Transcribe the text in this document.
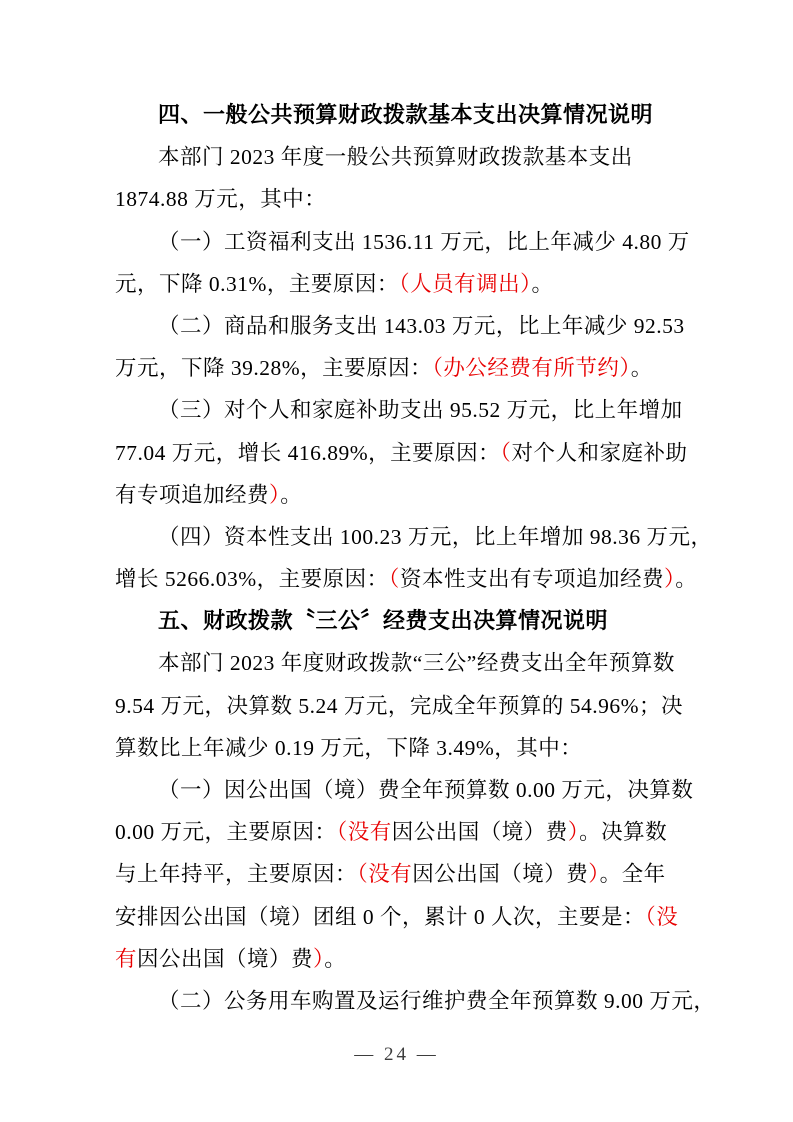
四、一般公共预算财政拨款基本支出决算情况说明
本部门 2023 年度一般公共预算财政拨款基本支出
1874.88 万元，其中：
（一）工资福利支出 1536.11 万元，比上年减少 4.80 万
元，下降 0.31%，主要原因：（人员有调出）。
（二）商品和服务支出 143.03 万元，比上年减少 92.53
万元，下降 39.28%，主要原因：（办公经费有所节约）。
（三）对个人和家庭补助支出 95.52 万元，比上年增加
77.04 万元，增长 416.89%，主要原因：（对个人和家庭补助
有专项追加经费）。
（四）资本性支出 100.23 万元，比上年增加 98.36 万元，
增长 5266.03%，主要原因：（资本性支出有专项追加经费）。
五、财政拨款〝三公〞经费支出决算情况说明
本部门 2023 年度财政拨款“三公”经费支出全年预算数
9.54 万元，决算数 5.24 万元，完成全年预算的 54.96%；决
算数比上年减少 0.19 万元，下降 3.49%，其中：
（一）因公出国（境）费全年预算数 0.00 万元，决算数
0.00 万元，主要原因：（没有因公出国（境）费）。决算数
与上年持平，主要原因：（没有因公出国（境）费）。全年
安排因公出国（境）团组 0 个，累计 0 人次，主要是：（没
有因公出国（境）费）。
（二）公务用车购置及运行维护费全年预算数 9.00 万元，
— 24 —
